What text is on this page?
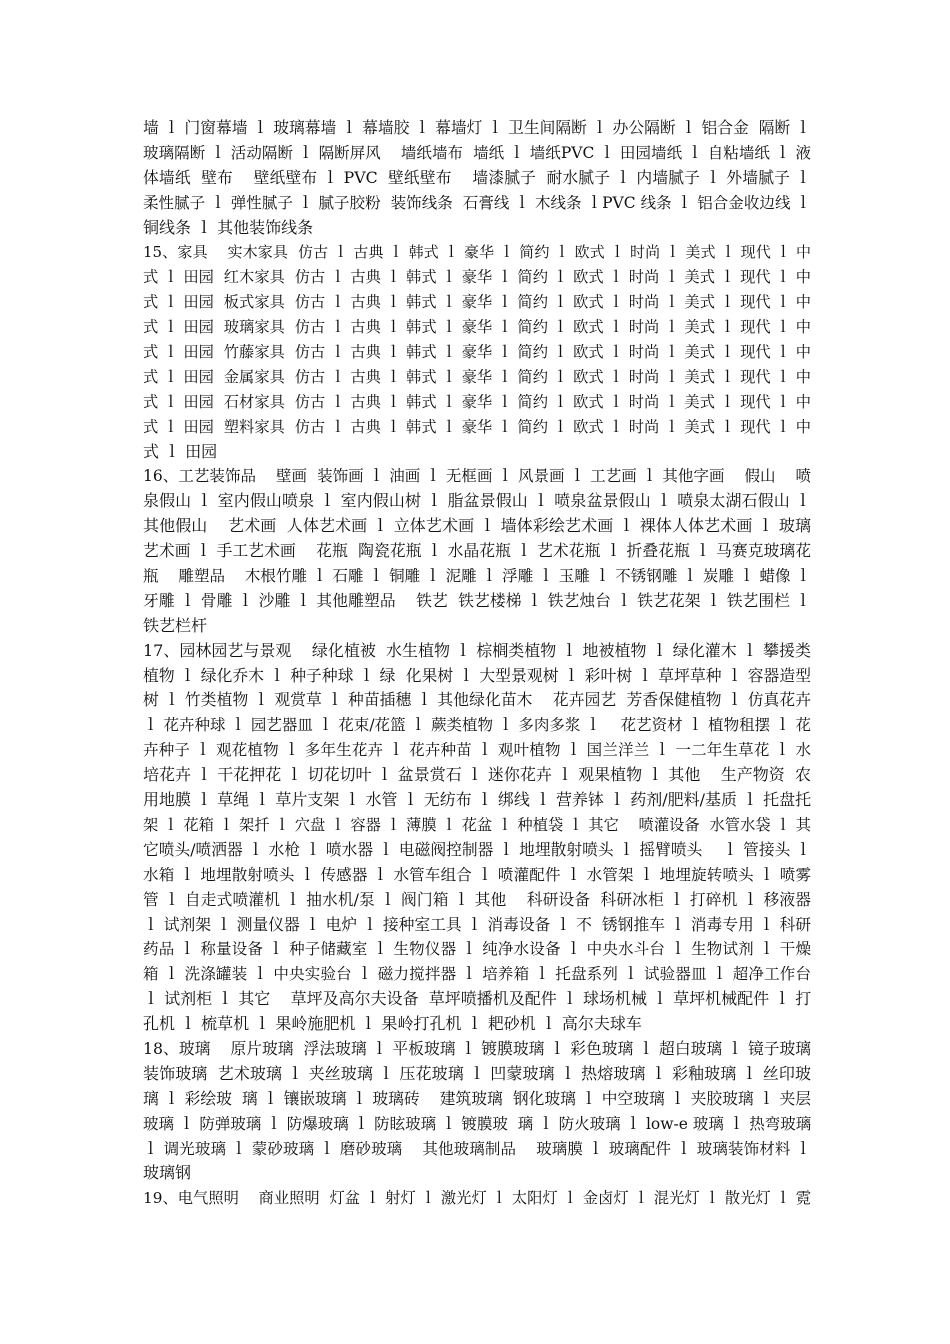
墙 ｌ 门窗幕墙 ｌ 玻璃幕墙 ｌ 幕墙胶 ｌ 幕墙灯 ｌ 卫生间隔断 ｌ 办公隔断 ｌ 铝合金  隔断 ｌ
玻璃隔断 ｌ 活动隔断 ｌ 隔断屏风    墙纸墙布  墙纸 ｌ 墙纸PVC ｌ 田园墙纸 ｌ 自粘墙纸 ｌ 液
体墙纸  壁布    壁纸壁布 ｌ PVC  壁纸壁布    墙漆腻子  耐水腻子 ｌ 内墙腻子 ｌ 外墙腻子 ｌ
柔性腻子 ｌ 弹性腻子 ｌ 腻子胶粉  装饰线条  石膏线 ｌ 木线条 ｌPVC 线条 ｌ 铝合金收边线 ｌ
铜线条 ｌ 其他装饰线条
15、家具    实木家具  仿古 ｌ 古典 ｌ 韩式 ｌ 豪华 ｌ 简约 ｌ 欧式 ｌ 时尚 ｌ 美式 ｌ 现代 ｌ 中
式 ｌ 田园  红木家具  仿古 ｌ 古典 ｌ 韩式 ｌ 豪华 ｌ 简约 ｌ 欧式 ｌ 时尚 ｌ 美式 ｌ 现代 ｌ 中
式 ｌ 田园  板式家具  仿古 ｌ 古典 ｌ 韩式 ｌ 豪华 ｌ 简约 ｌ 欧式 ｌ 时尚 ｌ 美式 ｌ 现代 ｌ 中
式 ｌ 田园  玻璃家具  仿古 ｌ 古典 ｌ 韩式 ｌ 豪华 ｌ 简约 ｌ 欧式 ｌ 时尚 ｌ 美式 ｌ 现代 ｌ 中
式 ｌ 田园  竹藤家具  仿古 ｌ 古典 ｌ 韩式 ｌ 豪华 ｌ 简约 ｌ 欧式 ｌ 时尚 ｌ 美式 ｌ 现代 ｌ 中
式 ｌ 田园  金属家具  仿古 ｌ 古典 ｌ 韩式 ｌ 豪华 ｌ 简约 ｌ 欧式 ｌ 时尚 ｌ 美式 ｌ 现代 ｌ 中
式 ｌ 田园  石材家具  仿古 ｌ 古典 ｌ 韩式 ｌ 豪华 ｌ 简约 ｌ 欧式 ｌ 时尚 ｌ 美式 ｌ 现代 ｌ 中
式 ｌ 田园  塑料家具  仿古 ｌ 古典 ｌ 韩式 ｌ 豪华 ｌ 简约 ｌ 欧式 ｌ 时尚 ｌ 美式 ｌ 现代 ｌ 中
式 ｌ 田园
16、工艺装饰品    壁画  装饰画 ｌ 油画 ｌ 无框画 ｌ 风景画 ｌ 工艺画 ｌ 其他字画    假山    喷
泉假山 ｌ 室内假山喷泉 ｌ 室内假山树 ｌ 脂盆景假山 ｌ 喷泉盆景假山 ｌ 喷泉太湖石假山 ｌ
其他假山    艺术画  人体艺术画 ｌ 立体艺术画 ｌ 墙体彩绘艺术画 ｌ 裸体人体艺术画 ｌ 玻璃
艺术画 ｌ 手工艺术画    花瓶  陶瓷花瓶 ｌ 水晶花瓶 ｌ 艺术花瓶 ｌ 折叠花瓶 ｌ 马赛克玻璃花
瓶    雕塑品    木根竹雕 ｌ 石雕 ｌ 铜雕 ｌ 泥雕 ｌ 浮雕 ｌ 玉雕 ｌ 不锈钢雕 ｌ 炭雕 ｌ 蜡像 ｌ
牙雕 ｌ 骨雕 ｌ 沙雕 ｌ 其他雕塑品    铁艺  铁艺楼梯 ｌ 铁艺烛台 ｌ 铁艺花架 ｌ 铁艺围栏 ｌ
铁艺栏杆
17、园林园艺与景观    绿化植被  水生植物 ｌ 棕榈类植物 ｌ 地被植物 ｌ 绿化灌木 ｌ 攀援类
植物 ｌ 绿化乔木 ｌ 种子种球 ｌ 绿  化果树 ｌ 大型景观树 ｌ 彩叶树 ｌ 草坪草种 ｌ 容器造型
树 ｌ 竹类植物 ｌ 观赏草 ｌ 种苗插穗 ｌ 其他绿化苗木    花卉园艺  芳香保健植物 ｌ 仿真花卉
ｌ 花卉种球 ｌ 园艺器皿 ｌ 花束/花篮 ｌ 蕨类植物 ｌ 多肉多浆 ｌ    花艺资材 ｌ 植物租摆 ｌ 花
卉种子 ｌ 观花植物 ｌ 多年生花卉 ｌ 花卉种苗 ｌ 观叶植物 ｌ 国兰洋兰 ｌ 一二年生草花 ｌ 水
培花卉 ｌ 干花押花 ｌ 切花切叶 ｌ 盆景赏石 ｌ 迷你花卉 ｌ 观果植物 ｌ 其他    生产物资  农
用地膜 ｌ 草绳 ｌ 草片支架 ｌ 水管 ｌ 无纺布 ｌ 绑线 ｌ 营养钵 ｌ 药剂/肥料/基质 ｌ 托盘托
架 ｌ 花箱 ｌ 架扦 ｌ 穴盘 ｌ 容器 ｌ 薄膜 ｌ 花盆 ｌ 种植袋 ｌ 其它    喷灌设备  水管水袋 ｌ 其
它喷头/喷洒器 ｌ 水枪 ｌ 喷水器 ｌ 电磁阀控制器 ｌ 地埋散射喷头 ｌ 摇臂喷头    ｌ 管接头 ｌ
水箱 ｌ 地埋散射喷头 ｌ 传感器 ｌ 水管车组合 ｌ 喷灌配件 ｌ 水管架 ｌ 地埋旋转喷头 ｌ 喷雾
管 ｌ 自走式喷灌机 ｌ 抽水机/泵 ｌ 阀门箱 ｌ 其他    科研设备  科研冰柜 ｌ 打碎机 ｌ 移液器
ｌ 试剂架 ｌ 测量仪器 ｌ 电炉 ｌ 接种室工具 ｌ 消毒设备 ｌ 不  锈钢推车 ｌ 消毒专用 ｌ 科研
药品 ｌ 称量设备 ｌ 种子储藏室 ｌ 生物仪器 ｌ 纯净水设备 ｌ 中央水斗台 ｌ 生物试剂 ｌ 干燥
箱 ｌ 洗涤罐装 ｌ 中央实验台 ｌ 磁力搅拌器 ｌ 培养箱 ｌ 托盘系列 ｌ 试验器皿 ｌ 超净工作台
ｌ 试剂柜 ｌ 其它    草坪及高尔夫设备  草坪喷播机及配件 ｌ 球场机械 ｌ 草坪机械配件 ｌ 打
孔机 ｌ 梳草机 ｌ 果岭施肥机 ｌ 果岭打孔机 ｌ 耙砂机 ｌ 高尔夫球车
18、玻璃    原片玻璃  浮法玻璃 ｌ 平板玻璃 ｌ 镀膜玻璃 ｌ 彩色玻璃 ｌ 超白玻璃 ｌ 镜子玻璃
装饰玻璃  艺术玻璃 ｌ 夹丝玻璃 ｌ 压花玻璃 ｌ 凹蒙玻璃 ｌ 热熔玻璃 ｌ 彩釉玻璃 ｌ 丝印玻
璃 ｌ 彩绘玻  璃 ｌ 镶嵌玻璃 ｌ 玻璃砖    建筑玻璃  钢化玻璃 ｌ 中空玻璃 ｌ 夹胶玻璃 ｌ 夹层
玻璃 ｌ 防弹玻璃 ｌ 防爆玻璃 ｌ 防眩玻璃 ｌ 镀膜玻  璃 ｌ 防火玻璃 ｌ low-e 玻璃 ｌ 热弯玻璃
ｌ 调光玻璃 ｌ 蒙砂玻璃 ｌ 磨砂玻璃    其他玻璃制品    玻璃膜 ｌ 玻璃配件 ｌ 玻璃装饰材料 ｌ
玻璃钢
19、电气照明    商业照明  灯盆 ｌ 射灯 ｌ 激光灯 ｌ 太阳灯 ｌ 金卤灯 ｌ 混光灯 ｌ 散光灯 ｌ 霓
